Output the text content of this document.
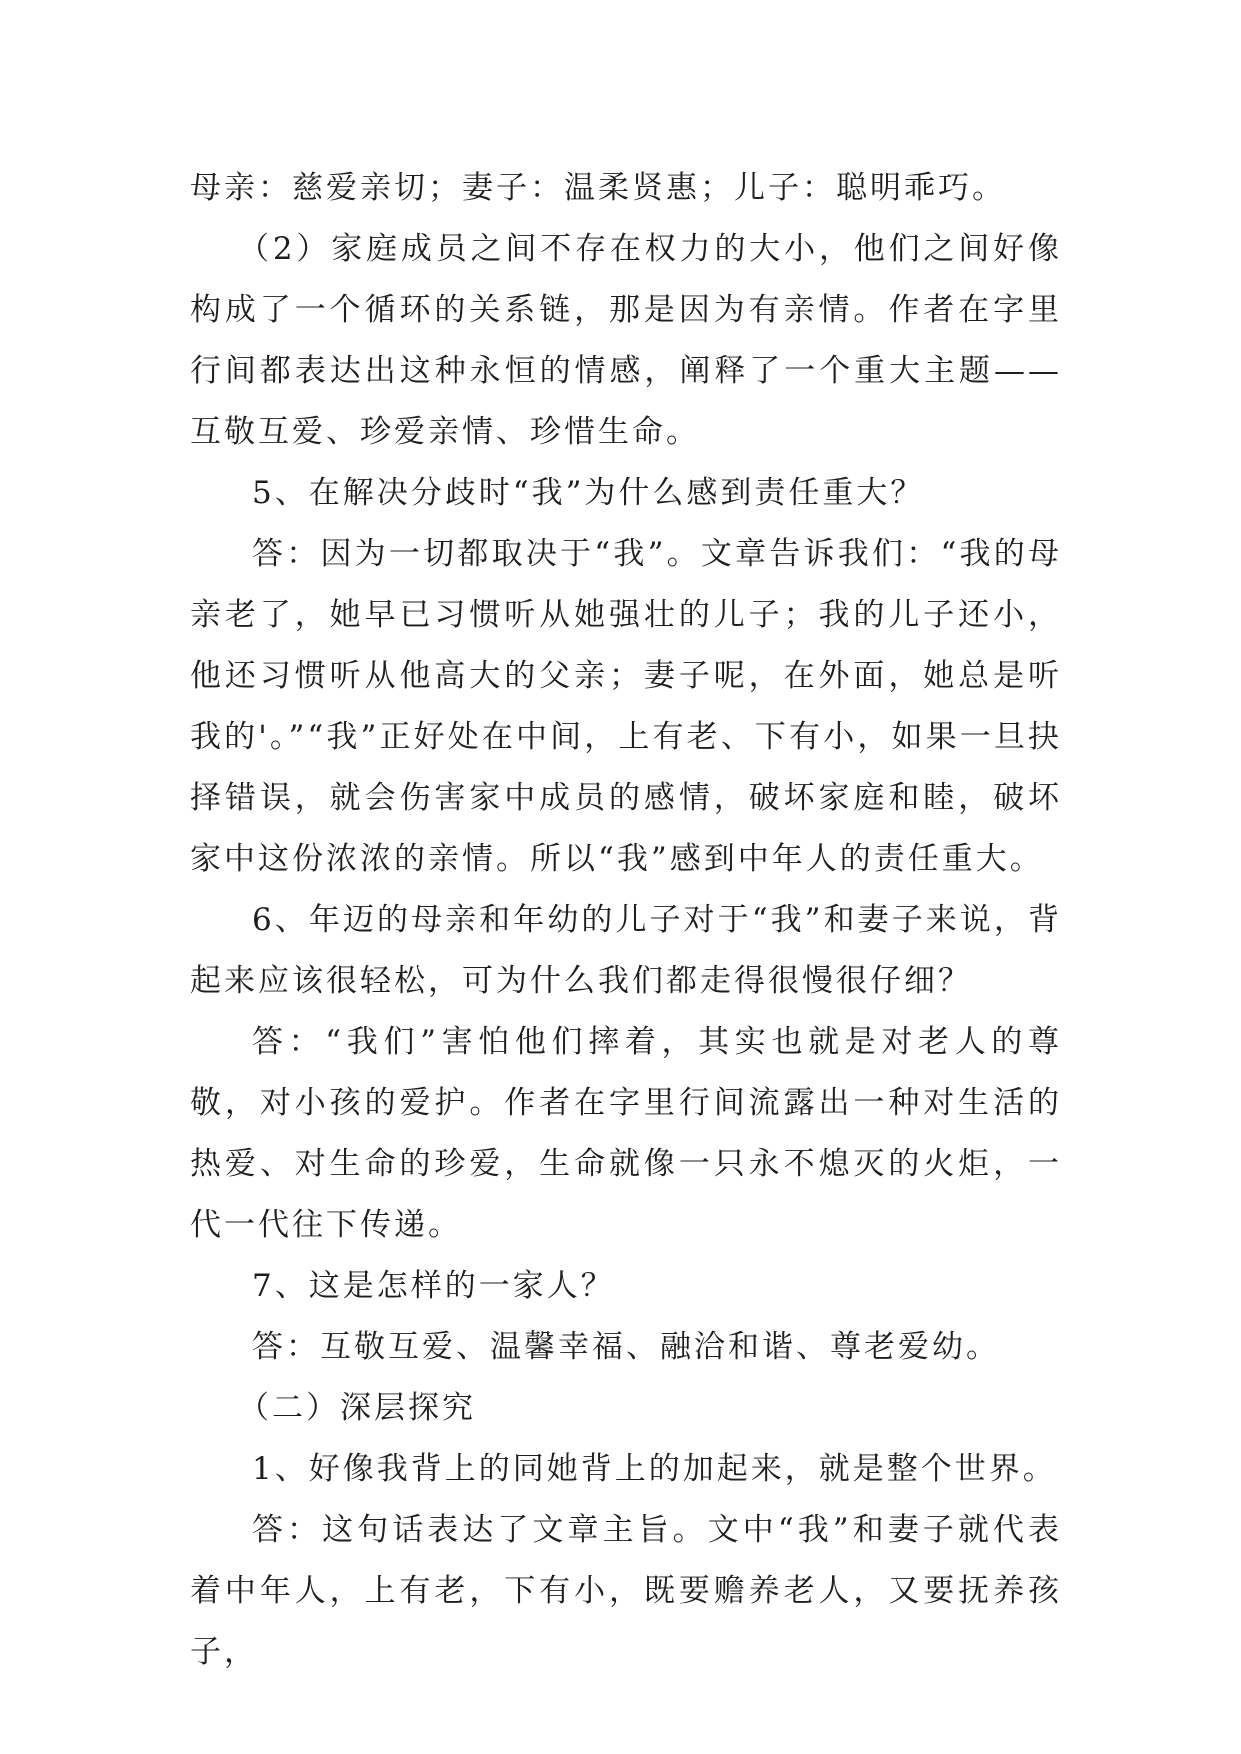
母亲：慈爱亲切；妻子：温柔贤惠；儿子：聪明乖巧。

（2）家庭成员之间不存在权力的大小，他们之间好像构成了一个循环的关系链，那是因为有亲情。作者在字里行间都表达出这种永恒的情感，阐释了一个重大主题——互敬互爱、珍爱亲情、珍惜生命。

5、在解决分歧时“我”为什么感到责任重大？

答：因为一切都取决于“我”。文章告诉我们：“我的母亲老了，她早已习惯听从她强壮的儿子；我的儿子还小，他还习惯听从他高大的父亲；妻子呢，在外面，她总是听我的'。”“我”正好处在中间，上有老、下有小，如果一旦抉择错误，就会伤害家中成员的感情，破坏家庭和睦，破坏家中这份浓浓的亲情。所以“我”感到中年人的责任重大。

6、年迈的母亲和年幼的儿子对于“我”和妻子来说，背起来应该很轻松，可为什么我们都走得很慢很仔细？

答：“我们”害怕他们摔着，其实也就是对老人的尊敬，对小孩的爱护。作者在字里行间流露出一种对生活的热爱、对生命的珍爱，生命就像一只永不熄灭的火炬，一代一代往下传递。

7、这是怎样的一家人？

答：互敬互爱、温馨幸福、融洽和谐、尊老爱幼。

（二）深层探究

1、好像我背上的同她背上的加起来，就是整个世界。

答：这句话表达了文章主旨。文中“我”和妻子就代表着中年人，上有老，下有小，既要赡养老人，又要抚养孩子，
